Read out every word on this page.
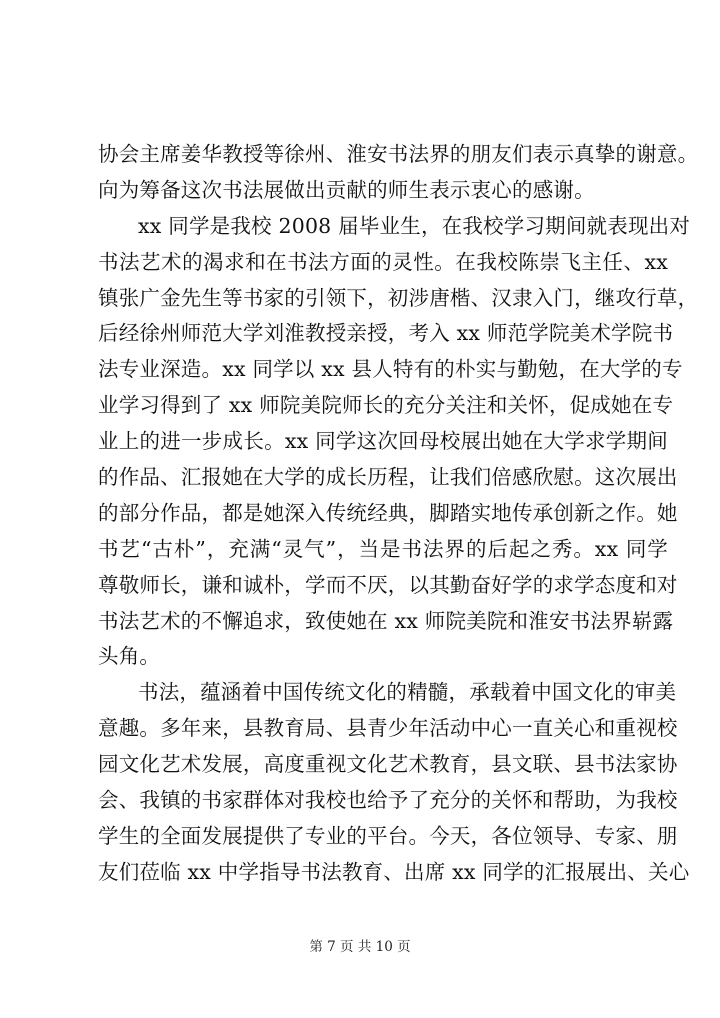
协会主席姜华教授等徐州、淮安书法界的朋友们表示真挚的谢意。
向为筹备这次书法展做出贡献的师生表示衷心的感谢。
xx 同学是我校 2008 届毕业生，在我校学习期间就表现出对
书法艺术的渴求和在书法方面的灵性。在我校陈崇飞主任、xx
镇张广金先生等书家的引领下，初涉唐楷、汉隶入门，继攻行草，
后经徐州师范大学刘淮教授亲授，考入 xx 师范学院美术学院书
法专业深造。xx 同学以 xx 县人特有的朴实与勤勉，在大学的专
业学习得到了 xx 师院美院师长的充分关注和关怀，促成她在专
业上的进一步成长。xx 同学这次回母校展出她在大学求学期间
的作品、汇报她在大学的成长历程，让我们倍感欣慰。这次展出
的部分作品，都是她深入传统经典，脚踏实地传承创新之作。她
书艺“古朴”，充满“灵气”，当是书法界的后起之秀。xx 同学
尊敬师长，谦和诚朴，学而不厌，以其勤奋好学的求学态度和对
书法艺术的不懈追求，致使她在 xx 师院美院和淮安书法界崭露
头角。
书法，蕴涵着中国传统文化的精髓，承载着中国文化的审美
意趣。多年来，县教育局、县青少年活动中心一直关心和重视校
园文化艺术发展，高度重视文化艺术教育，县文联、县书法家协
会、我镇的书家群体对我校也给予了充分的关怀和帮助，为我校
学生的全面发展提供了专业的平台。今天，各位领导、专家、朋
友们莅临 xx 中学指导书法教育、出席 xx 同学的汇报展出、关心
第 7 页 共 10 页
